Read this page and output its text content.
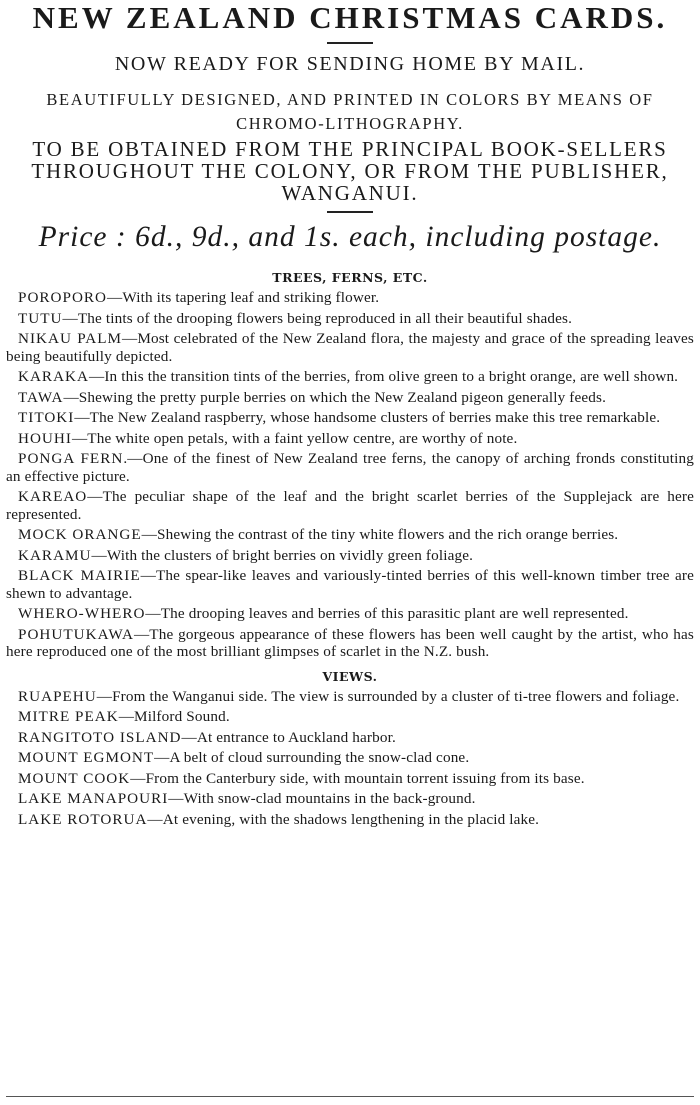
NEW ZEALAND CHRISTMAS CARDS.
NOW READY FOR SENDING HOME BY MAIL.
BEAUTIFULLY DESIGNED, AND PRINTED IN COLORS BY MEANS OF CHROMO-LITHOGRAPHY.
TO BE OBTAINED FROM THE PRINCIPAL BOOK-SELLERS THROUGHOUT THE COLONY, OR FROM THE PUBLISHER, WANGANUI.
Price : 6d., 9d., and 1s. each, including postage.
TREES, FERNS, ETC.

POROPORO—With its tapering leaf and striking flower.

TUTU—The tints of the drooping flowers being reproduced in all their beautiful shades.

NIKAU PALM—Most celebrated of the New Zealand flora, the majesty and grace of the spreading leaves being beautifully depicted.

KARAKA—In this the transition tints of the berries, from olive green to a bright orange, are well shown.

TAWA—Shewing the pretty purple berries on which the New Zealand pigeon generally feeds.

TITOKI—The New Zealand raspberry, whose handsome clusters of berries make this tree remarkable.

HOUHI—The white open petals, with a faint yellow centre, are worthy of note.

PONGA FERN.—One of the finest of New Zealand tree ferns, the canopy of arching fronds constituting an effective picture.

KAREAO—The peculiar shape of the leaf and the bright scarlet berries of the Supplejack are here represented.

MOCK ORANGE—Shewing the contrast of the tiny white flowers and the rich orange berries.

KARAMU—With the clusters of bright berries on vividly green foliage.

BLACK MAIRIE—The spear-like leaves and variously-tinted berries of this well-known timber tree are shewn to advantage.

WHERO-WHERO—The drooping leaves and berries of this parasitic plant are well represented.

POHUTUKAWA—The gorgeous appearance of these flowers has been well caught by the artist, who has here reproduced one of the most brilliant glimpses of scarlet in the N.Z. bush.

VIEWS.

RUAPEHU—From the Wanganui side. The view is surrounded by a cluster of ti-tree flowers and foliage.

MITRE PEAK—Milford Sound.

RANGITOTO ISLAND—At entrance to Auckland harbor.

MOUNT EGMONT—A belt of cloud surrounding the snow-clad cone.

MOUNT COOK—From the Canterbury side, with mountain torrent issuing from its base.

LAKE MANAPOURI—With snow-clad mountains in the back-ground.

LAKE ROTORUA—At evening, with the shadows lengthening in the placid lake.
